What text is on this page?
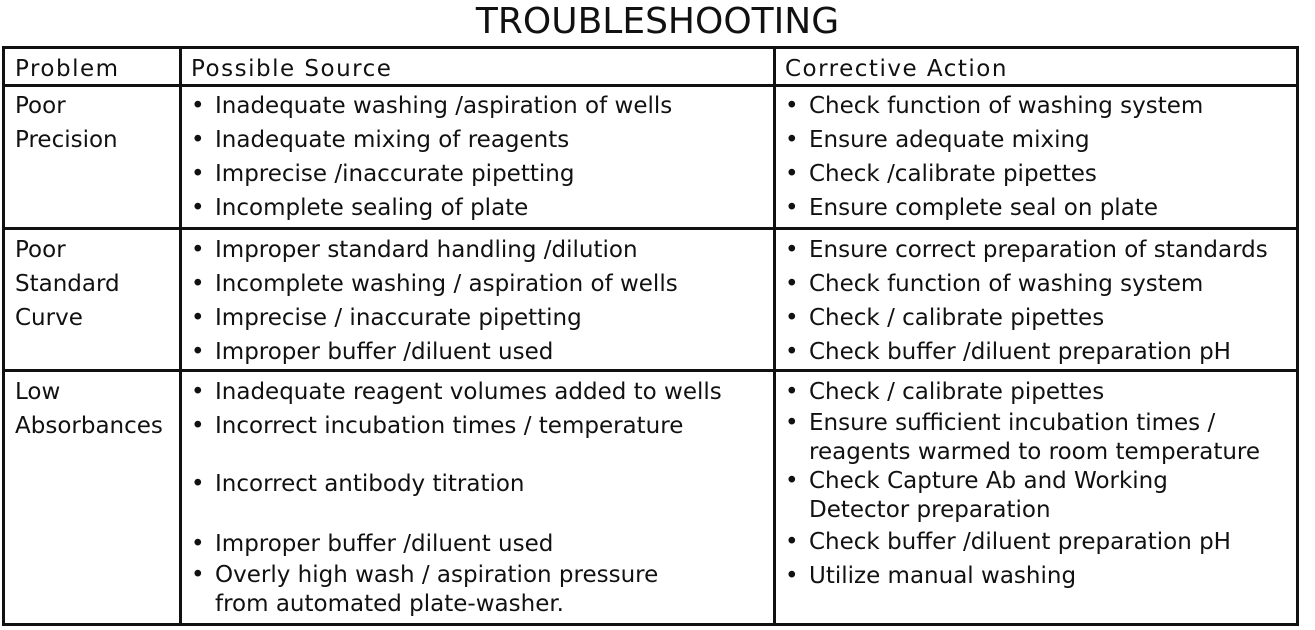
TROUBLESHOOTING
Problem	Possible Source	Corrective Action
Poor
Precision
• Inadequate washing /aspiration of wells
• Inadequate mixing of reagents
• Imprecise /inaccurate pipetting
• Incomplete sealing of plate
• Check function of washing system
• Ensure adequate mixing
• Check /calibrate pipettes
• Ensure complete seal on plate
Poor
Standard
Curve
• Improper standard handling /dilution
• Incomplete washing / aspiration of wells
• Imprecise / inaccurate pipetting
• Improper buffer /diluent used
• Ensure correct preparation of standards
• Check function of washing system
• Check / calibrate pipettes
• Check buffer /diluent preparation pH
Low
Absorbances
• Inadequate reagent volumes added to wells
• Incorrect incubation times / temperature
• Incorrect antibody titration
• Improper buffer /diluent used
• Overly high wash / aspiration pressure
from automated plate-washer.
• Check / calibrate pipettes
• Ensure sufficient incubation times /
reagents warmed to room temperature
• Check Capture Ab and Working
Detector preparation
• Check buffer /diluent preparation pH
• Utilize manual washing
